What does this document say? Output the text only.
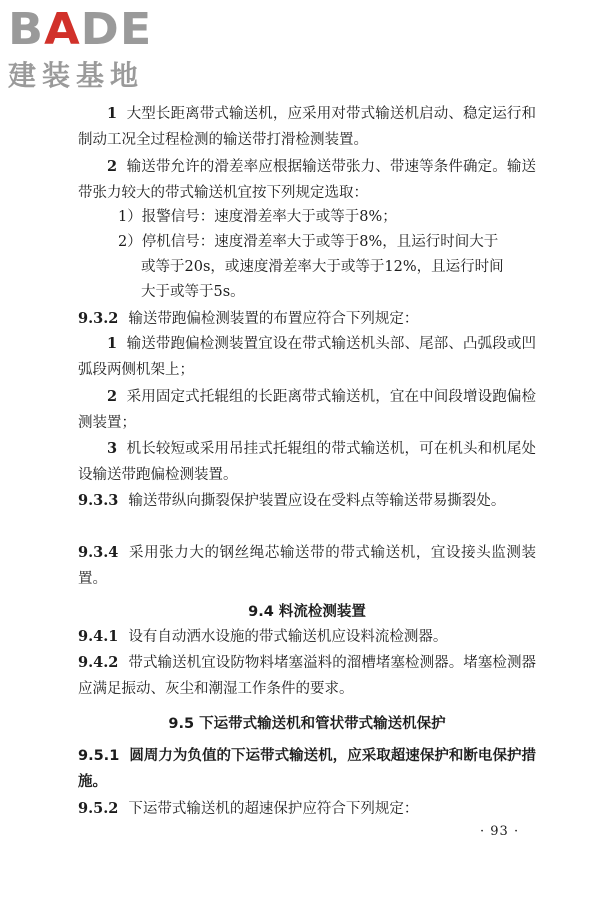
B A DE
建装基地

1 大型长距离带式输送机，应采用对带式输送机启动、稳定运行和制动工况全过程检测的输送带打滑检测装置。

2 输送带允许的滑差率应根据输送带张力、带速等条件确定。输送带张力较大的带式输送机宜按下列规定选取：

1）报警信号：速度滑差率大于或等于8%；
2）停机信号：速度滑差率大于或等于8%，且运行时间大于
或等于20s，或速度滑差率大于或等于12%，且运行时间
大于或等于5s。
9.3.2 输送带跑偏检测装置的布置应符合下列规定：

1 输送带跑偏检测装置宜设在带式输送机头部、尾部、凸弧段或凹弧段两侧机架上；

2 采用固定式托辊组的长距离带式输送机，宜在中间段增设跑偏检测装置；

3 机长较短或采用吊挂式托辊组的带式输送机，可在机头和机尾处设输送带跑偏检测装置。

9.3.3 输送带纵向撕裂保护装置应设在受料点等输送带易撕裂处。
9.3.4 采用张力大的钢丝绳芯输送带的带式输送机，宜设接头监测装置。
9.4 料流检测装置
9.4.1 设有自动洒水设施的带式输送机应设料流检测器。
9.4.2 带式输送机宜设防物料堵塞溢料的溜槽堵塞检测器。堵塞检测器应满足振动、灰尘和潮湿工作条件的要求。
9.5 下运带式输送机和管状带式输送机保护
9.5.1 圆周力为负值的下运带式输送机，应采取超速保护和断电保护措施。
9.5.2 下运带式输送机的超速保护应符合下列规定：
· 93 ·
